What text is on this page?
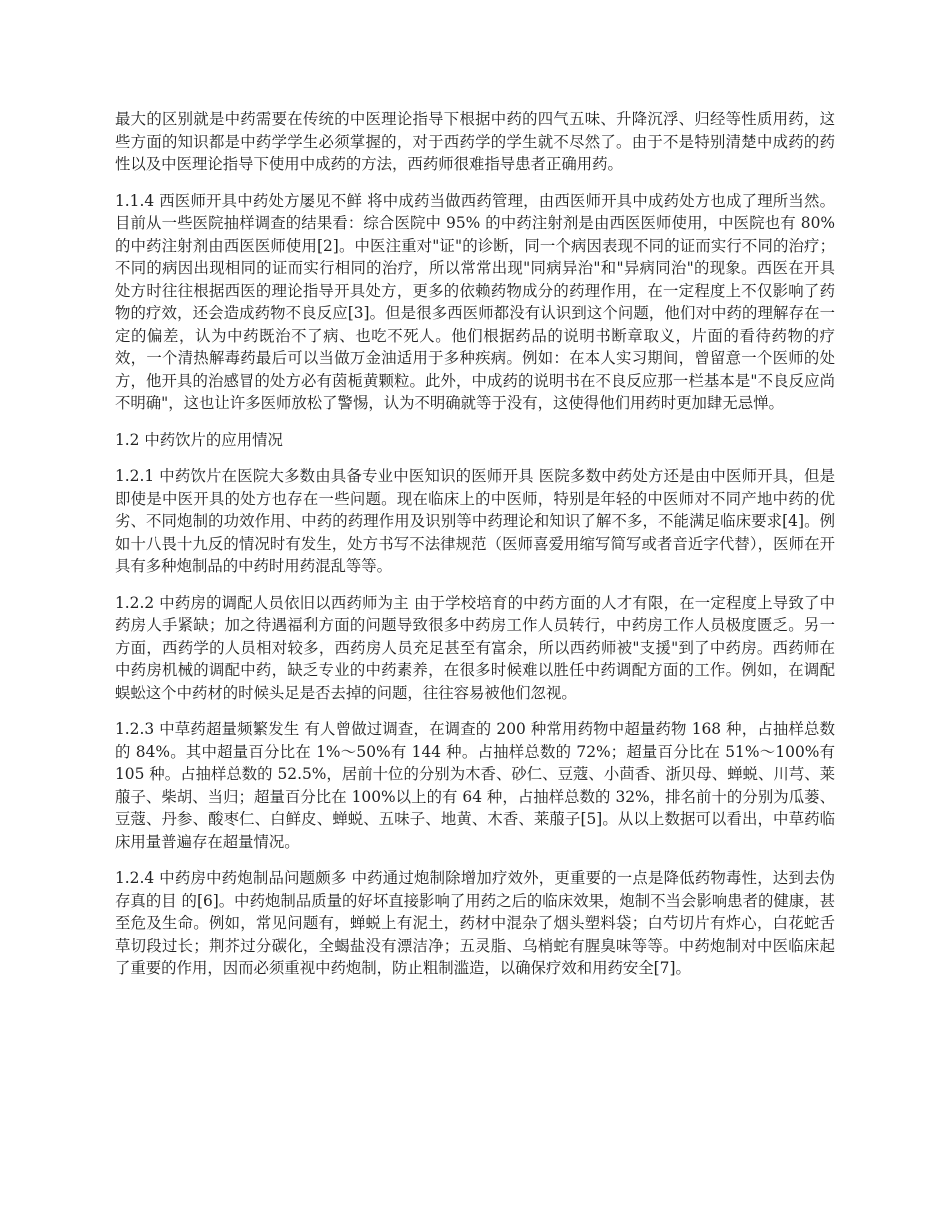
最大的区别就是中药需要在传统的中医理论指导下根据中药的四气五味、升降沉浮、归经等性质用药，这些方面的知识都是中药学学生必须掌握的，对于西药学的学生就不尽然了。由于不是特别清楚中成药的药性以及中医理论指导下使用中成药的方法，西药师很难指导患者正确用药。

1.1.4 西医师开具中药处方屡见不鲜 将中成药当做西药管理，由西医师开具中成药处方也成了理所当然。目前从一些医院抽样调查的结果看：综合医院中 95% 的中药注射剂是由西医医师使用，中医院也有 80% 的中药注射剂由西医医师使用[2]。中医注重对"证"的诊断，同一个病因表现不同的证而实行不同的治疗；不同的病因出现相同的证而实行相同的治疗，所以常常出现"同病异治"和"异病同治"的现象。西医在开具处方时往往根据西医的理论指导开具处方，更多的依赖药物成分的药理作用，在一定程度上不仅影响了药物的疗效，还会造成药物不良反应[3]。但是很多西医师都没有认识到这个问题，他们对中药的理解存在一定的偏差，认为中药既治不了病、也吃不死人。他们根据药品的说明书断章取义，片面的看待药物的疗效，一个清热解毒药最后可以当做万金油适用于多种疾病。例如：在本人实习期间，曾留意一个医师的处方，他开具的治感冒的处方必有茵栀黄颗粒。此外，中成药的说明书在不良反应那一栏基本是"不良反应尚不明确"，这也让许多医师放松了警惕，认为不明确就等于没有，这使得他们用药时更加肆无忌惮。

1.2 中药饮片的应用情况

1.2.1 中药饮片在医院大多数由具备专业中医知识的医师开具 医院多数中药处方还是由中医师开具，但是即使是中医开具的处方也存在一些问题。现在临床上的中医师，特别是年轻的中医师对不同产地中药的优劣、不同炮制的功效作用、中药的药理作用及识别等中药理论和知识了解不多，不能满足临床要求[4]。例如十八畏十九反的情况时有发生，处方书写不法律规范（医师喜爱用缩写简写或者音近字代替），医师在开具有多种炮制品的中药时用药混乱等等。

1.2.2 中药房的调配人员依旧以西药师为主 由于学校培育的中药方面的人才有限，在一定程度上导致了中药房人手紧缺；加之待遇福利方面的问题导致很多中药房工作人员转行，中药房工作人员极度匮乏。另一方面，西药学的人员相对较多，西药房人员充足甚至有富余，所以西药师被"支援"到了中药房。西药师在中药房机械的调配中药，缺乏专业的中药素养，在很多时候难以胜任中药调配方面的工作。例如，在调配蜈蚣这个中药材的时候头足是否去掉的问题，往往容易被他们忽视。

1.2.3 中草药超量频繁发生 有人曾做过调查，在调查的 200 种常用药物中超量药物 168 种，占抽样总数的 84%。其中超量百分比在 1%～50%有 144 种。占抽样总数的 72%；超量百分比在 51%～100%有 105 种。占抽样总数的 52.5%，居前十位的分别为木香、砂仁、豆蔻、小茴香、浙贝母、蝉蜕、川芎、莱菔子、柴胡、当归；超量百分比在 100%以上的有 64 种，占抽样总数的 32%，排名前十的分别为瓜蒌、豆蔻、丹参、酸枣仁、白鲜皮、蝉蜕、五味子、地黄、木香、莱菔子[5]。从以上数据可以看出，中草药临床用量普遍存在超量情况。

1.2.4 中药房中药炮制品问题颇多 中药通过炮制除增加疗效外，更重要的一点是降低药物毒性，达到去伪存真的目 的[6]。中药炮制品质量的好坏直接影响了用药之后的临床效果，炮制不当会影响患者的健康，甚至危及生命。例如，常见问题有，蝉蜕上有泥土，药材中混杂了烟头塑料袋；白芍切片有炸心，白花蛇舌草切段过长；荆芥过分碳化，全蝎盐没有漂洁净；五灵脂、乌梢蛇有腥臭味等等。中药炮制对中医临床起了重要的作用，因而必须重视中药炮制，防止粗制滥造，以确保疗效和用药安全[7]。
